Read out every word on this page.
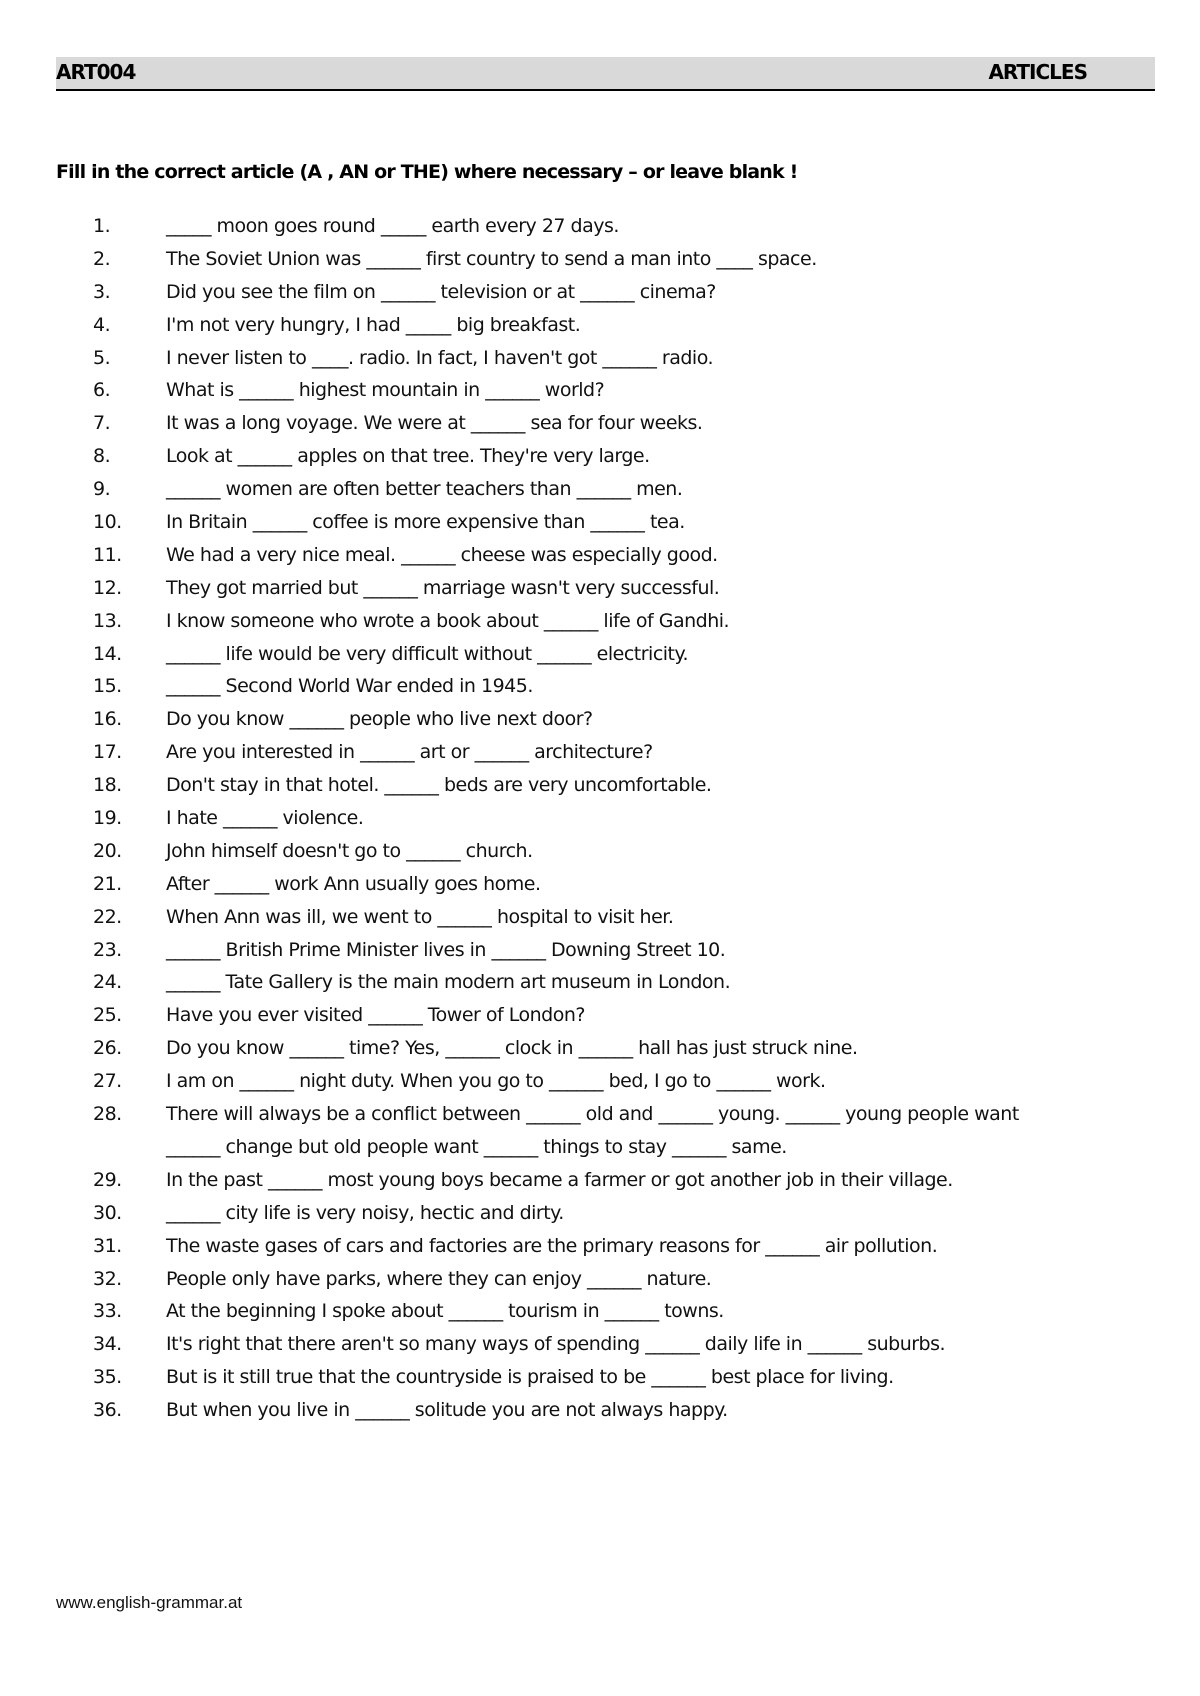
ART004	ARTICLES
Fill in the correct article (A , AN or THE) where necessary – or leave blank !
1.	_____ moon goes round _____ earth every 27 days.
2.	The Soviet Union was ______ first country to send a man into ____ space.
3.	Did you see the film on ______ television or at ______ cinema?
4.	I'm not very hungry, I had _____ big breakfast.
5.	I never listen to ____. radio. In fact, I haven't got ______ radio.
6.	What is ______ highest mountain in ______ world?
7.	It was a long voyage. We were at ______ sea for four weeks.
8.	Look at ______ apples on that tree. They're very large.
9.	______ women are often better teachers than ______ men.
10. In Britain ______ coffee is more expensive than ______ tea.
11. We had a very nice meal. ______ cheese was especially good.
12. They got married but ______ marriage wasn't very successful.
13. I know someone who wrote a book about ______ life of Gandhi.
14. ______ life would be very difficult without ______ electricity.
15. ______ Second World War ended in 1945.
16. Do you know ______ people who live next door?
17. Are you interested in ______ art or ______ architecture?
18. Don't stay in that hotel. ______ beds are very uncomfortable.
19. I hate ______ violence.
20. John himself doesn't go to ______ church.
21. After ______ work Ann usually goes home.
22. When Ann was ill, we went to ______ hospital to visit her.
23. ______ British Prime Minister lives in ______ Downing Street 10.
24. ______ Tate Gallery is the main modern art museum in London.
25. Have you ever visited ______ Tower of London?
26. Do you know ______ time? Yes, ______ clock in ______ hall has just struck nine.
27. I am on ______ night duty. When you go to ______ bed, I go to ______ work.
28. There will always be a conflict between ______ old and ______ young. ______ young people want
______ change but old people want ______ things to stay ______ same.
29. In the past ______ most young boys became a farmer or got another job in their village.
30. ______ city life is very noisy, hectic and dirty.
31. The waste gases of cars and factories are the primary reasons for ______ air pollution.
32. People only have parks, where they can enjoy ______ nature.
33. At the beginning I spoke about ______ tourism in ______ towns.
34. It's right that there aren't so many ways of spending ______ daily life in ______ suburbs.
35. But is it still true that the countryside is praised to be ______ best place for living.
36. But when you live in ______ solitude you are not always happy.
www.english-grammar.at
